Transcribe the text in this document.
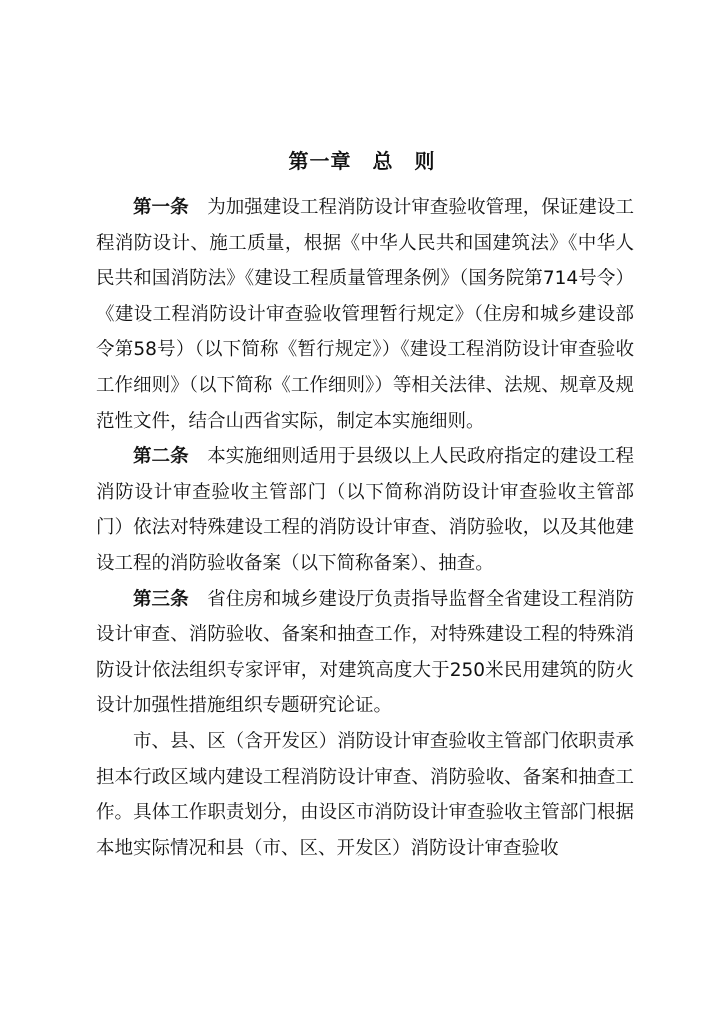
第一章　总　则

第一条 为加强建设工程消防设计审查验收管理，保证建设工程消防设计、施工质量，根据《中华人民共和国建筑法》《中华人民共和国消防法》《建设工程质量管理条例》（国务院第714号令）《建设工程消防设计审查验收管理暂行规定》（住房和城乡建设部令第58号）（以下简称《暂行规定》）《建设工程消防设计审查验收工作细则》（以下简称《工作细则》）等相关法律、法规、规章及规范性文件，结合山西省实际，制定本实施细则。

第二条 本实施细则适用于县级以上人民政府指定的建设工程消防设计审查验收主管部门（以下简称消防设计审查验收主管部门）依法对特殊建设工程的消防设计审查、消防验收，以及其他建设工程的消防验收备案（以下简称备案）、抽查。

第三条 省住房和城乡建设厅负责指导监督全省建设工程消防设计审查、消防验收、备案和抽查工作，对特殊建设工程的特殊消防设计依法组织专家评审，对建筑高度大于250米民用建筑的防火设计加强性措施组织专题研究论证。

市、县、区（含开发区）消防设计审查验收主管部门依职责承担本行政区域内建设工程消防设计审查、消防验收、备案和抽查工作。具体工作职责划分，由设区市消防设计审查验收主管部门根据本地实际情况和县（市、区、开发区）消防设计审查验收
